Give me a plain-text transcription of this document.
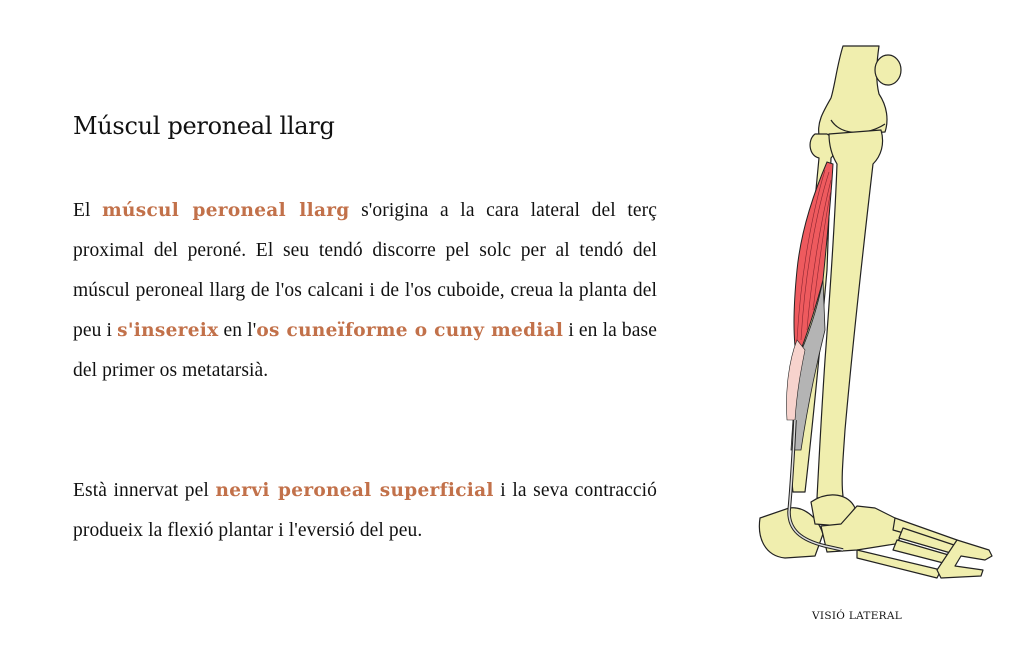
Múscul peroneal llarg

El múscul peroneal llarg s'origina a la cara lateral del terç proximal del peroné. El seu tendó discorre pel solc per al tendó del múscul peroneal llarg de l'os calcani i de l'os cuboide, creua la planta del peu i s'insereix en l'os cuneïforme o cuny medial i en la base del primer os metatarsià.

Està innervat pel nervi peroneal superficial i la seva contracció produeix la flexió plantar i l'eversió del peu.

VISIÓ LATERAL
